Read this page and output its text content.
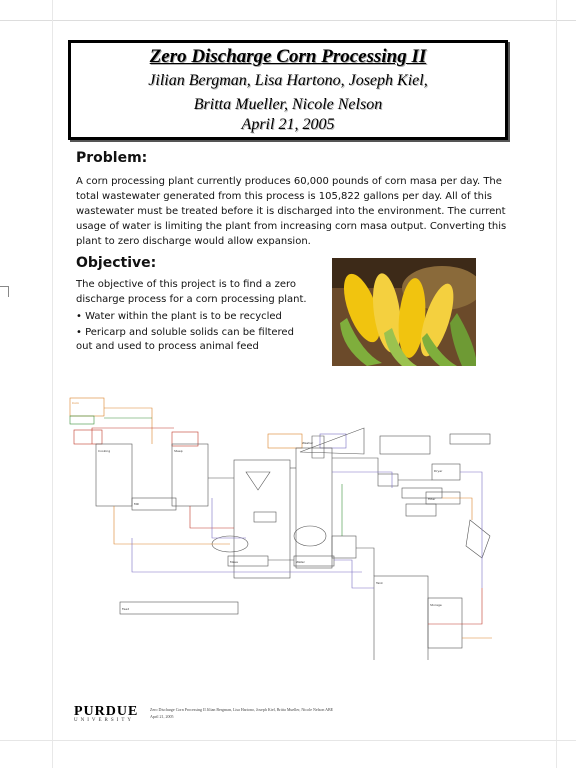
Zero Discharge Corn Processing II
Jilian Bergman, Lisa Hartono, Joseph Kiel,
Britta Mueller, Nicole Nelson
April 21, 2005
Problem:
A corn processing plant currently produces 60,000 pounds of corn masa per day. The total wastewater generated from this process is 105,822 gallons per day. All of this wastewater must be treated before it is discharged into the environment. The current usage of water is limiting the plant from increasing corn masa output. Converting this plant to zero discharge would allow expansion.
Objective:
The objective of this project is to find a zero discharge process for a corn processing plant.
• Water within the plant is to be recycled
• Pericarp and soluble solids can be filtered out and used to process animal feed
Corn
Cooking	Steep
Washer
Mill
Filter
Dryer
Tank
Masa	Water
Feed
Storage
PURDUE
UNIVERSITY
Zero Discharge Corn Processing II Jilian Bergman, Lisa Hartono, Joseph Kiel, Britta Mueller, Nicole Nelson ABE
April 21, 2005
